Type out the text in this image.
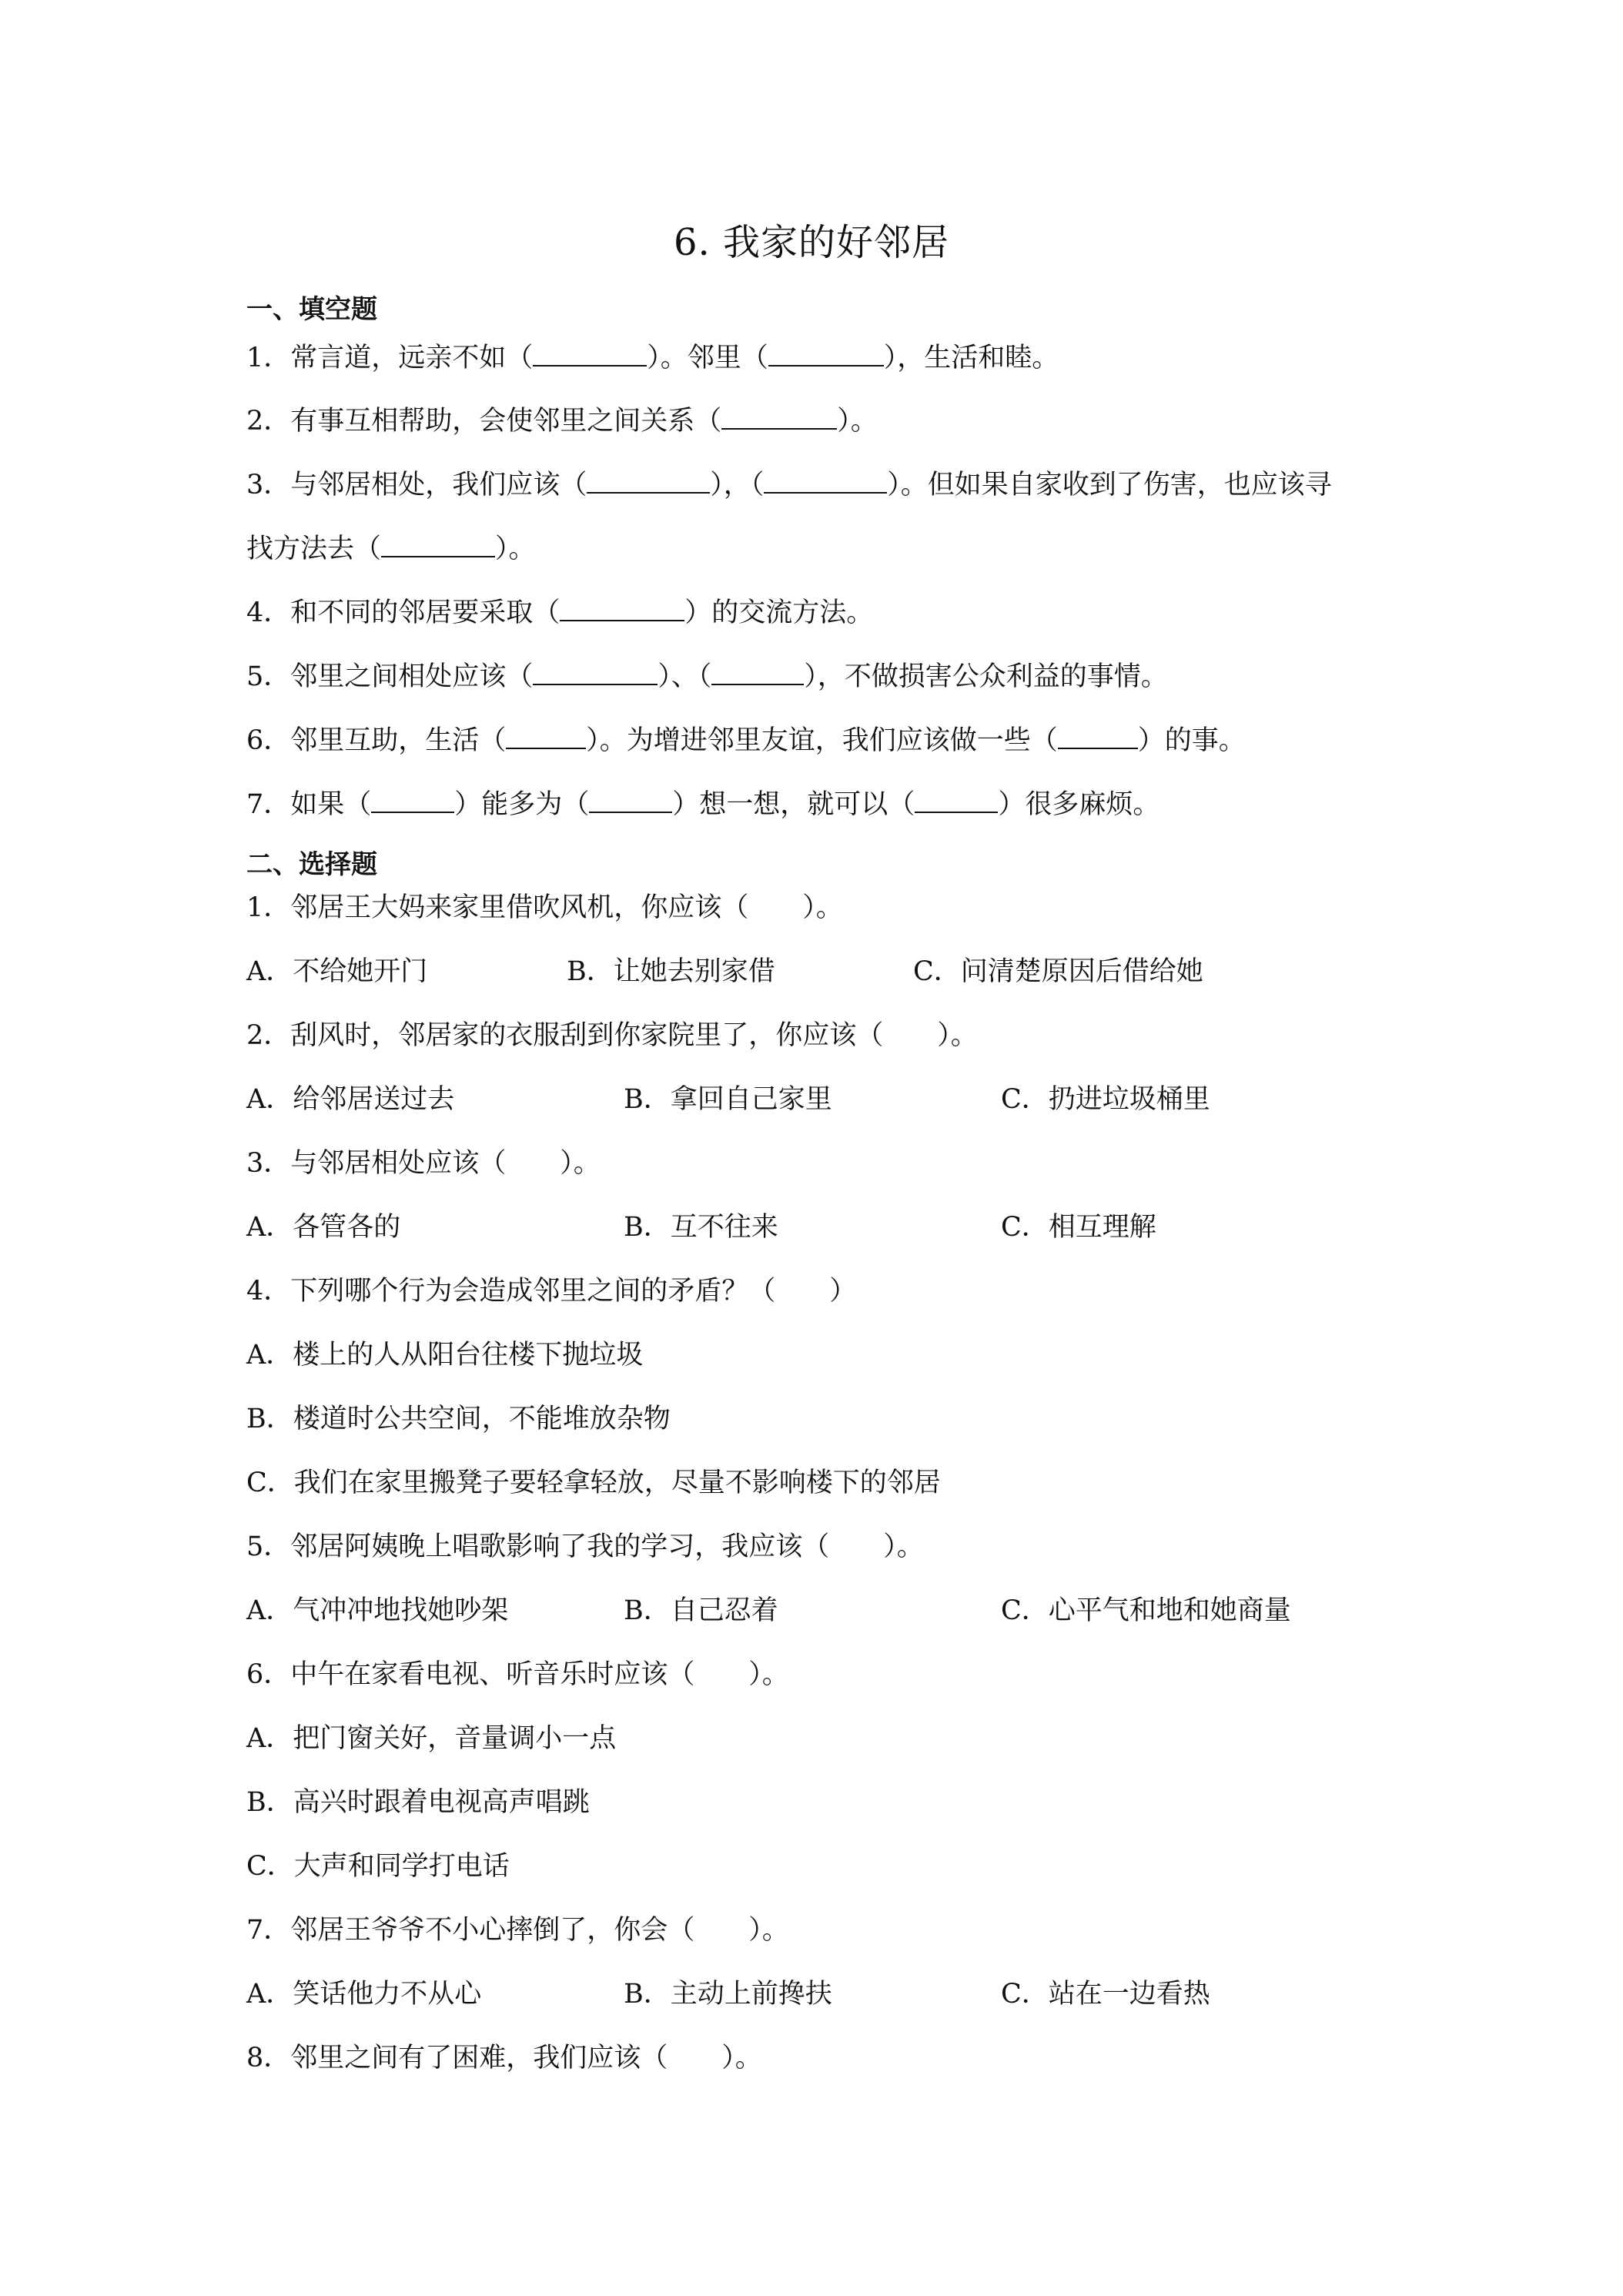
6. 我家的好邻居
一、填空题
1．常言道，远亲不如（	）。邻里（	），生活和睦。
2．有事互相帮助，会使邻里之间关系（	）。
3．与邻居相处，我们应该（	），（	）。但如果自家收到了伤害，也应该寻
找方法去（	）。
4．和不同的邻居要采取（	）的交流方法。
5．邻里之间相处应该（	）、（	），不做损害公众利益的事情。
6．邻里互助，生活（	）。为增进邻里友谊，我们应该做一些（	）的事。
7．如果（	）能多为（	）想一想，就可以（	）很多麻烦。
二、选择题
1．邻居王大妈来家里借吹风机，你应该（　　）。
A．不给她开门	B．让她去别家借	C．问清楚原因后借给她
2．刮风时，邻居家的衣服刮到你家院里了，你应该（　　）。
A．给邻居送过去	B．拿回自己家里	C．扔进垃圾桶里
3．与邻居相处应该（　　）。
A．各管各的	B．互不往来	C．相互理解
4．下列哪个行为会造成邻里之间的矛盾？（　　）
A．楼上的人从阳台往楼下抛垃圾
B．楼道时公共空间，不能堆放杂物
C．我们在家里搬凳子要轻拿轻放，尽量不影响楼下的邻居
5．邻居阿姨晚上唱歌影响了我的学习，我应该（　　）。
A．气冲冲地找她吵架	B．自己忍着	C．心平气和地和她商量
6．中午在家看电视、听音乐时应该（　　）。
A．把门窗关好，音量调小一点
B．高兴时跟着电视高声唱跳
C．大声和同学打电话
7．邻居王爷爷不小心摔倒了，你会（　　）。
A．笑话他力不从心	B．主动上前搀扶	C．站在一边看热
8．邻里之间有了困难，我们应该（　　）。
